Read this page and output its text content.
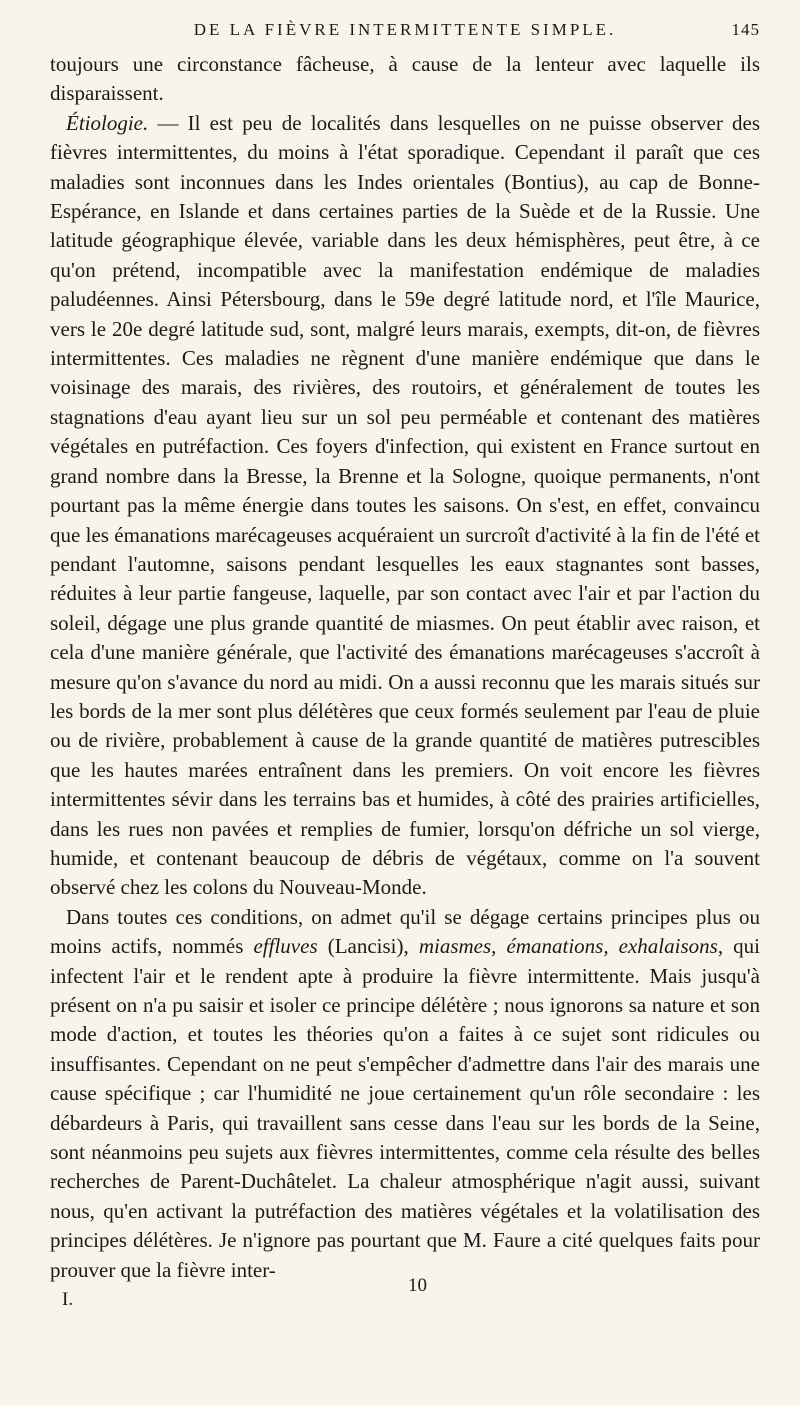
DE LA FIÈVRE INTERMITTENTE SIMPLE.	145

toujours une circonstance fâcheuse, à cause de la lenteur avec laquelle ils disparaissent.

Étiologie. — Il est peu de localités dans lesquelles on ne puisse observer des fièvres intermittentes, du moins à l'état sporadique. Cependant il paraît que ces maladies sont inconnues dans les Indes orientales (Bontius), au cap de Bonne-Espérance, en Islande et dans certaines parties de la Suède et de la Russie. Une latitude géographique élevée, variable dans les deux hémisphères, peut être, à ce qu'on prétend, incompatible avec la manifestation endémique de maladies paludéennes. Ainsi Pétersbourg, dans le 59e degré latitude nord, et l'île Maurice, vers le 20e degré latitude sud, sont, malgré leurs marais, exempts, dit-on, de fièvres intermittentes. Ces maladies ne règnent d'une manière endémique que dans le voisinage des marais, des rivières, des routoirs, et généralement de toutes les stagnations d'eau ayant lieu sur un sol peu perméable et contenant des matières végétales en putréfaction. Ces foyers d'infection, qui existent en France surtout en grand nombre dans la Bresse, la Brenne et la Sologne, quoique permanents, n'ont pourtant pas la même énergie dans toutes les saisons. On s'est, en effet, convaincu que les émanations marécageuses acquéraient un surcroît d'activité à la fin de l'été et pendant l'automne, saisons pendant lesquelles les eaux stagnantes sont basses, réduites à leur partie fangeuse, laquelle, par son contact avec l'air et par l'action du soleil, dégage une plus grande quantité de miasmes. On peut établir avec raison, et cela d'une manière générale, que l'activité des émanations marécageuses s'accroît à mesure qu'on s'avance du nord au midi. On a aussi reconnu que les marais situés sur les bords de la mer sont plus délétères que ceux formés seulement par l'eau de pluie ou de rivière, probablement à cause de la grande quantité de matières putrescibles que les hautes marées entraînent dans les premiers. On voit encore les fièvres intermittentes sévir dans les terrains bas et humides, à côté des prairies artificielles, dans les rues non pavées et remplies de fumier, lorsqu'on défriche un sol vierge, humide, et contenant beaucoup de débris de végétaux, comme on l'a souvent observé chez les colons du Nouveau-Monde.

Dans toutes ces conditions, on admet qu'il se dégage certains principes plus ou moins actifs, nommés effluves (Lancisi), miasmes, émanations, exhalaisons, qui infectent l'air et le rendent apte à produire la fièvre intermittente. Mais jusqu'à présent on n'a pu saisir et isoler ce principe délétère ; nous ignorons sa nature et son mode d'action, et toutes les théories qu'on a faites à ce sujet sont ridicules ou insuffisantes. Cependant on ne peut s'empêcher d'admettre dans l'air des marais une cause spécifique ; car l'humidité ne joue certainement qu'un rôle secondaire : les débardeurs à Paris, qui travaillent sans cesse dans l'eau sur les bords de la Seine, sont néanmoins peu sujets aux fièvres intermittentes, comme cela résulte des belles recherches de Parent-Duchâtelet. La chaleur atmosphérique n'agit aussi, suivant nous, qu'en activant la putréfaction des matières végétales et la volatilisation des principes délétères. Je n'ignore pas pourtant que M. Faure a cité quelques faits pour prouver que la fièvre inter-

I.
10
